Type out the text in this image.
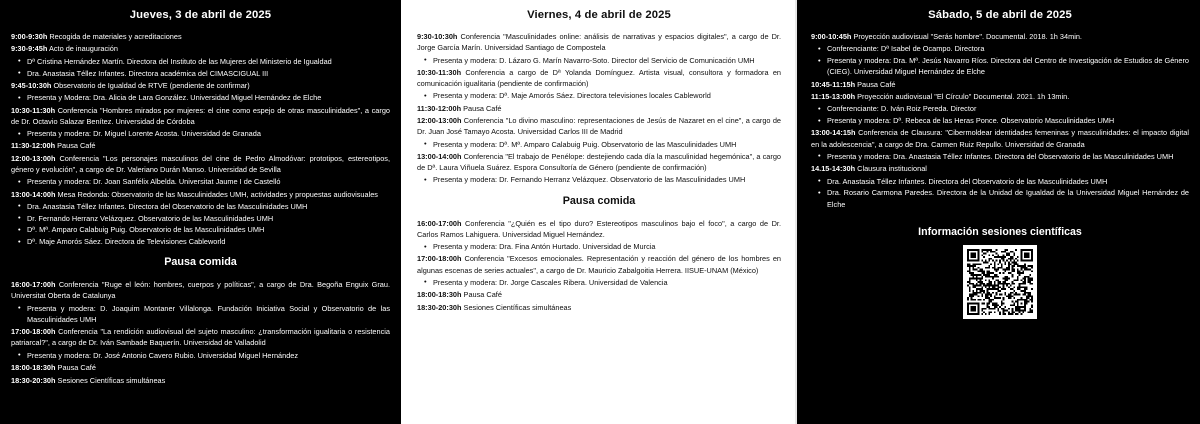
Jueves, 3 de abril de 2025

9:00-9:30h Recogida de materiales y acreditaciones

9:30-9:45h Acto de inauguración

• Dª Cristina Hernández Martín. Directora del Instituto de las Mujeres del Ministerio de Igualdad
• Dra. Anastasia Téllez Infantes. Directora académica del CIMASCIGUAL III

9:45-10:30h Observatorio de Igualdad de RTVE (pendiente de confirmar)

• Presenta y Modera: Dra. Alicia de Lara González. Universidad Miguel Hernández de Elche

10:30-11:30h Conferencia "Hombres mirados por mujeres: el cine como espejo de otras masculinidades", a cargo de Dr. Octavio Salazar Benítez. Universidad de Córdoba

• Presenta y modera: Dr. Miguel Lorente Acosta. Universidad de Granada

11:30-12:00h Pausa Café

12:00-13:00h Conferencia "Los personajes masculinos del cine de Pedro Almodóvar: prototipos, estereotipos, género y evolución", a cargo de Dr. Valeriano Durán Manso. Universidad de Sevilla

• Presenta y modera: Dr. Joan Sanfélix Albelda. Universitat Jaume I de Castelló

13:00-14:00h Mesa Redonda: Observatorio de las Masculinidades UMH, actividades y propuestas audiovisuales

• Dra. Anastasia Téllez Infantes. Directora del Observatorio de las Masculinidades UMH
• Dr. Fernando Herranz Velázquez. Observatorio de las Masculinidades UMH
• Dª. Mª. Amparo Calabuig Puig. Observatorio de las Masculinidades UMH
• Dª. Maje Amorós Sáez. Directora de Televisiones Cableworld
Pausa comida

16:00-17:00h Conferencia "Ruge el león: hombres, cuerpos y políticas", a cargo de Dra. Begoña Enguix Grau. Universitat Oberta de Catalunya

• Presenta y modera: D. Joaquim Montaner Villalonga. Fundación Iniciativa Social y Observatorio de las Masculinidades UMH

17:00-18:00h Conferencia "La rendición audiovisual del sujeto masculino: ¿transformación igualitaria o resistencia patriarcal?", a cargo de Dr. Iván Sambade Baquerín. Universidad de Valladolid

• Presenta y modera: Dr. José Antonio Cavero Rubio. Universidad Miguel Hernández

18:00-18:30h Pausa Café

18:30-20:30h Sesiones Científicas simultáneas

Viernes, 4 de abril de 2025

9:30-10:30h Conferencia "Masculinidades online: análisis de narrativas y espacios digitales", a cargo de Dr. Jorge García Marín. Universidad Santiago de Compostela

• Presenta y modera: D. Lázaro G. Marín Navarro-Soto. Director del Servicio de Comunicación UMH

10:30-11:30h Conferencia a cargo de Dª Yolanda Domínguez. Artista visual, consultora y formadora en comunicación igualitaria (pendiente de confirmación)

• Presenta y modera: Dª. Maje Amorós Sáez. Directora televisiones locales Cableworld

11:30-12:00h Pausa Café

12:00-13:00h Conferencia "Lo divino masculino: representaciones de Jesús de Nazaret en el cine", a cargo de Dr. Juan José Tamayo Acosta. Universidad Carlos III de Madrid

• Presenta y modera: Dª. Mª. Amparo Calabuig Puig. Observatorio de las Masculinidades UMH

13:00-14:00h Conferencia "El trabajo de Penélope: destejiendo cada día la masculinidad hegemónica", a cargo de Dª. Laura Viñuela Suárez. Espora Consultoría de Género (pendiente de confirmación)

• Presenta y modera: Dr. Fernando Herranz Velázquez. Observatorio de las Masculinidades UMH
Pausa comida

16:00-17:00h Conferencia "¿Quién es el tipo duro? Estereotipos masculinos bajo el foco", a cargo de Dr. Carlos Ramos Lahiguera. Universidad Miguel Hernández.

• Presenta y modera: Dra. Fina Antón Hurtado. Universidad de Murcia

17:00-18:00h Conferencia "Excesos emocionales. Representación y reacción del género de los hombres en algunas escenas de series actuales", a cargo de Dr. Mauricio Zabalgoitia Herrera. IISUE-UNAM (México)

• Presenta y modera: Dr. Jorge Cascales Ribera. Universidad de Valencia

18:00-18:30h Pausa Café

18:30-20:30h Sesiones Científicas simultáneas

Sábado, 5 de abril de 2025

9:00-10:45h Proyección audiovisual "Serás hombre". Documental. 2018. 1h 34min.

• Conferenciante: Dª Isabel de Ocampo. Directora
• Presenta y modera: Dra. Mª. Jesús Navarro Ríos. Directora del Centro de Investigación de Estudios de Género (CIEG). Universidad Miguel Hernández de Elche

10:45-11:15h Pausa Café

11:15-13:00h Proyección audiovisual "El Círculo" Documental. 2021. 1h 13min.

• Conferenciante: D. Iván Roiz Pereda. Director
• Presenta y modera: Dª. Rebeca de las Heras Ponce. Observatorio Masculinidades UMH

13:00-14:15h Conferencia de Clausura: "Cibermoldear identidades femeninas y masculinidades: el impacto digital en la adolescencia", a cargo de Dra. Carmen Ruiz Repullo. Universidad de Granada

• Presenta y modera: Dra. Anastasia Téllez Infantes. Directora del Observatorio de las Masculinidades UMH

14.15-14:30h Clausura institucional

• Dra. Anastasia Téllez Infantes. Directora del Observatorio de las Masculinidades UMH
• Dra. Rosario Carmona Paredes. Directora de la Unidad de Igualdad de la Universidad Miguel Hernández de Elche
Información sesiones científicas
